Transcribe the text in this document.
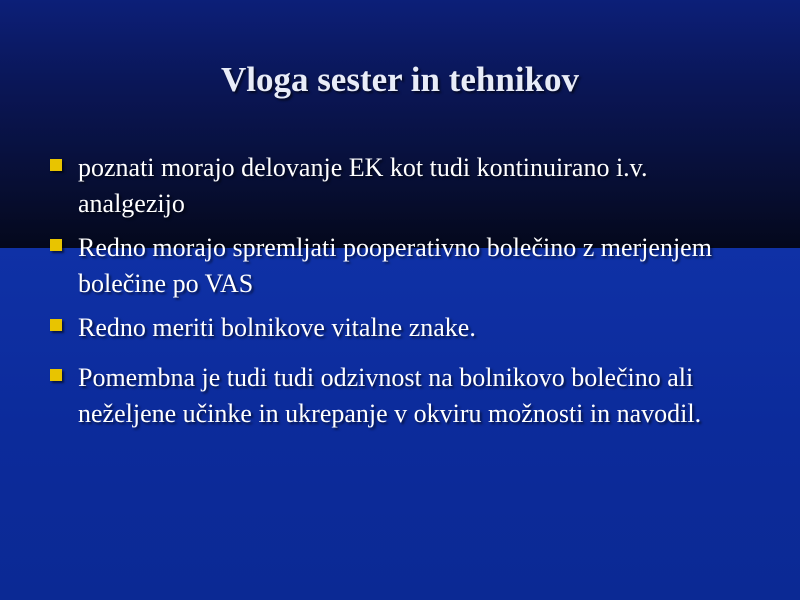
Vloga sester in tehnikov
poznati morajo delovanje EK kot tudi kontinuirano i.v. analgezijo
Redno morajo spremljati pooperativno bolečino z merjenjem bolečine po VAS
Redno meriti bolnikove vitalne znake.
Pomembna je tudi tudi odzivnost na bolnikovo bolečino ali neželjene učinke in ukrepanje v okviru možnosti in navodil.
